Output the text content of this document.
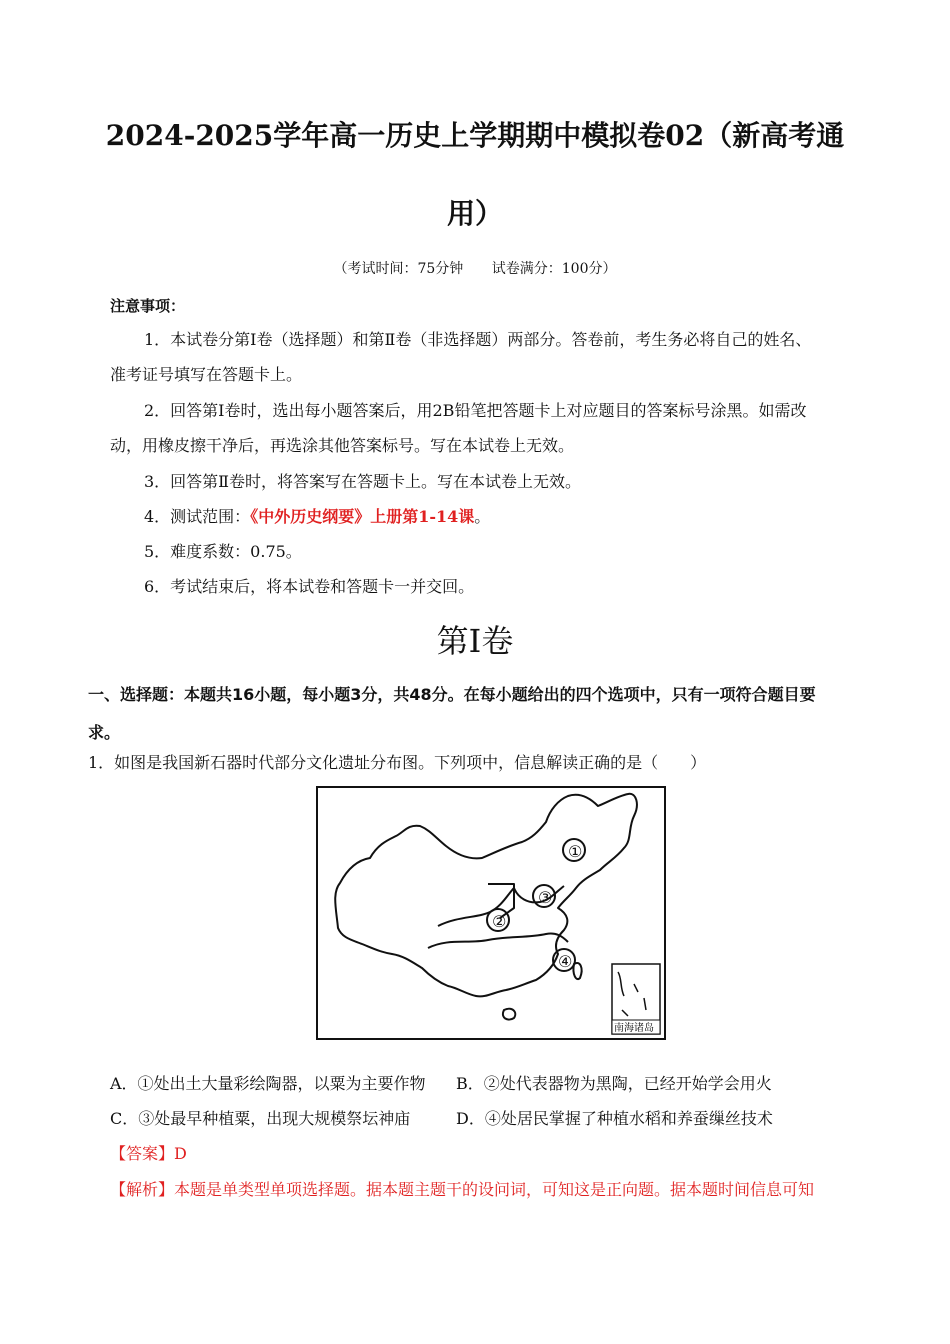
2024-2025学年高一历史上学期期中模拟卷02（新高考通
用）
（考试时间：75分钟 试卷满分：100分）
注意事项：
1．本试卷分第Ⅰ卷（选择题）和第Ⅱ卷（非选择题）两部分。答卷前，考生务必将自己的姓名、
准考证号填写在答题卡上。
2．回答第Ⅰ卷时，选出每小题答案后，用2B铅笔把答题卡上对应题目的答案标号涂黑。如需改
动，用橡皮擦干净后，再选涂其他答案标号。写在本试卷上无效。
3．回答第Ⅱ卷时，将答案写在答题卡上。写在本试卷上无效。
4．测试范围：《中外历史纲要》上册第1-14课。
5．难度系数：0.75。
6．考试结束后，将本试卷和答题卡一并交回。
第Ⅰ卷
一、选择题：本题共16小题，每小题3分，共48分。在每小题给出的四个选项中，只有一项符合题目要
求。
1．如图是我国新石器时代部分文化遗址分布图。下列项中，信息解读正确的是（　　）
①
②
③
④
南海诸岛
A．①处出土大量彩绘陶器，以粟为主要作物 B．②处代表器物为黑陶，已经开始学会用火
C．③处最早种植粟，出现大规模祭坛神庙	D．④处居民掌握了种植水稻和养蚕缫丝技术
【答案】D
【解析】本题是单类型单项选择题。据本题主题干的设问词，可知这是正向题。据本题时间信息可知
